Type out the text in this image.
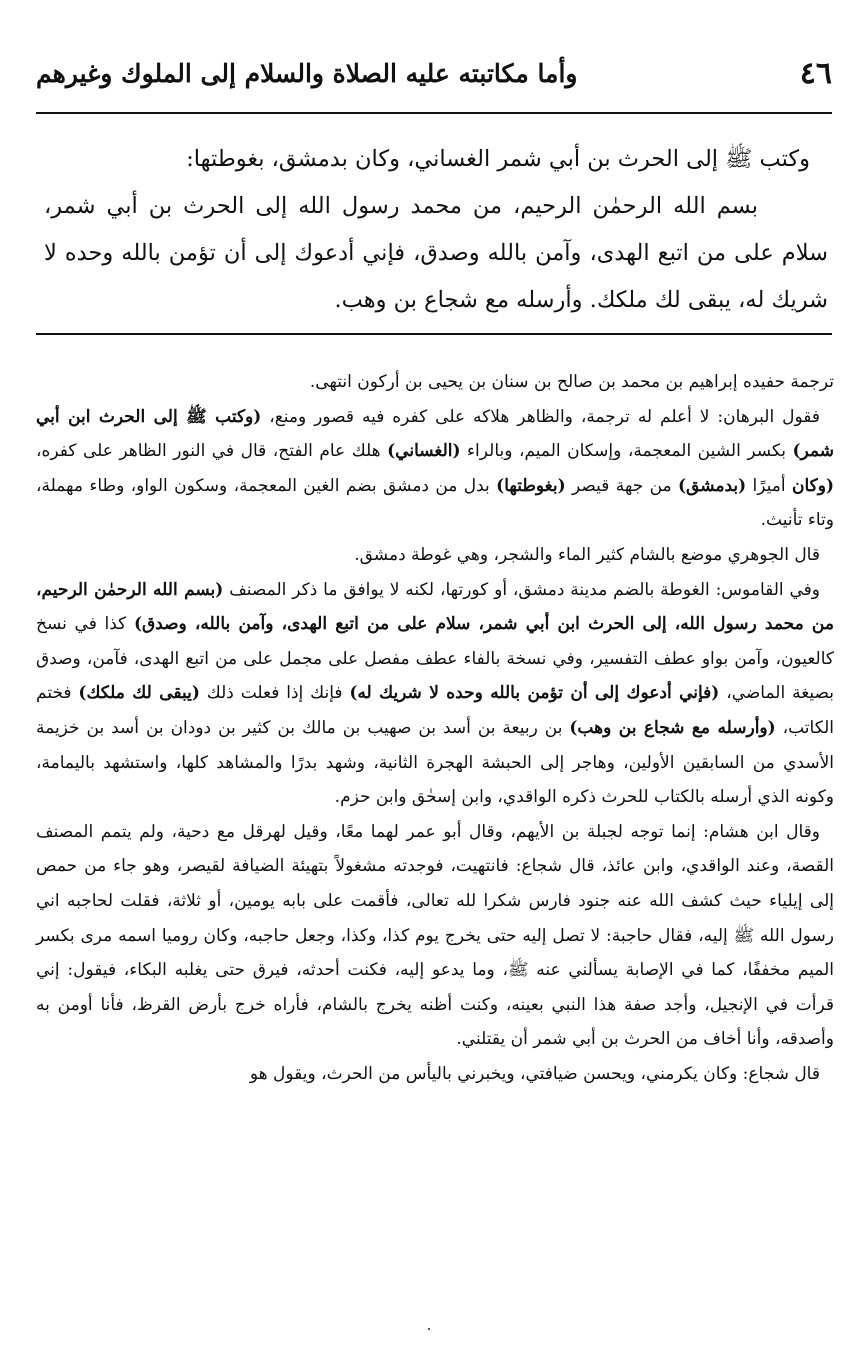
٤٦
وأما مكاتبته عليه الصلاة والسلام إلى الملوك وغيرهم

وكتب ﷺ إلى الحرث بن أبي شمر الغساني، وكان بدمشق، بغوطتها:

بسم الله الرحمٰن الرحيم، من محمد رسول الله إلى الحرث بن أبي شمر، سلام على من اتبع الهدى، وآمن بالله وصدق، فإني أدعوك إلى أن تؤمن بالله وحده لا شريك له، يبقى لك ملكك. وأرسله مع شجاع بن وهب.

ترجمة حفيده إبراهيم بن محمد بن صالح بن سنان بن يحيى بن أركون انتهى.

فقول البرهان: لا أعلم له ترجمة، والظاهر هلاكه على كفره فيه قصور ومنع، (وكتب ﷺ إلى الحرث ابن أبي شمر) بكسر الشين المعجمة، وإسكان الميم، وبالراء (الغساني) هلك عام الفتح، قال في النور الظاهر على كفره، (وكان أميرًا (بدمشق) من جهة قيصر (بغوطتها) بدل من دمشق بضم الغين المعجمة، وسكون الواو، وطاء مهملة، وتاء تأنيث.

قال الجوهري موضع بالشام كثير الماء والشجر، وهي غوطة دمشق.

وفي القاموس: الغوطة بالضم مدينة دمشق، أو كورتها، لكنه لا يوافق ما ذكر المصنف (بسم الله الرحمٰن الرحيم، من محمد رسول الله، إلى الحرث ابن أبي شمر، سلام على من اتبع الهدى، وآمن بالله، وصدق) كذا في نسخ كالعيون، وآمن بواو عطف التفسير، وفي نسخة بالفاء عطف مفصل على مجمل على من اتبع الهدى، فآمن، وصدق بصيغة الماضي، (فإني أدعوك إلى أن تؤمن بالله وحده لا شريك له) فإنك إذا فعلت ذلك (يبقى لك ملكك) فختم الكاتب، (وأرسله مع شجاع بن وهب) بن ربيعة بن أسد بن صهيب بن مالك بن كثير بن دودان بن أسد بن خزيمة الأسدي من السابقين الأولين، وهاجر إلى الحبشة الهجرة الثانية، وشهد بدرًا والمشاهد كلها، واستشهد باليمامة، وكونه الذي أرسله بالكتاب للحرث ذكره الواقدي، وابن إسحٰق وابن حزم.

وقال ابن هشام: إنما توجه لجبلة بن الأيهم، وقال أبو عمر لهما معًا، وقيل لهرقل مع دحية، ولم يتمم المصنف القصة، وعند الواقدي، وابن عائذ، قال شجاع: فانتهيت، فوجدته مشغولاً بتهيئة الضيافة لقيصر، وهو جاء من حمص إلى إيلياء حيث كشف الله عنه جنود فارس شكرا لله تعالى، فأقمت على بابه يومين، أو ثلاثة، فقلت لحاجبه اني رسول الله ﷺ إليه، فقال حاجبة: لا تصل إليه حتى يخرج يوم كذا، وكذا، وجعل حاجبه، وكان روميا اسمه مرى بكسر الميم مخففًا، كما في الإصابة يسألني عنه ﷺ، وما يدعو إليه، فكنت أحدثه، فيرق حتى يغلبه البكاء، فيقول: إني قرأت في الإنجيل، وأجد صفة هذا النبي بعينه، وكنت أظنه يخرج بالشام، فأراه خرج بأرض القرظ، فأنا أومن به وأصدقه، وأنا أخاف من الحرث بن أبي شمر أن يقتلني.

قال شجاع: وكان يكرمني، ويحسن ضيافتي، ويخبرني باليأس من الحرث، ويقول هو
